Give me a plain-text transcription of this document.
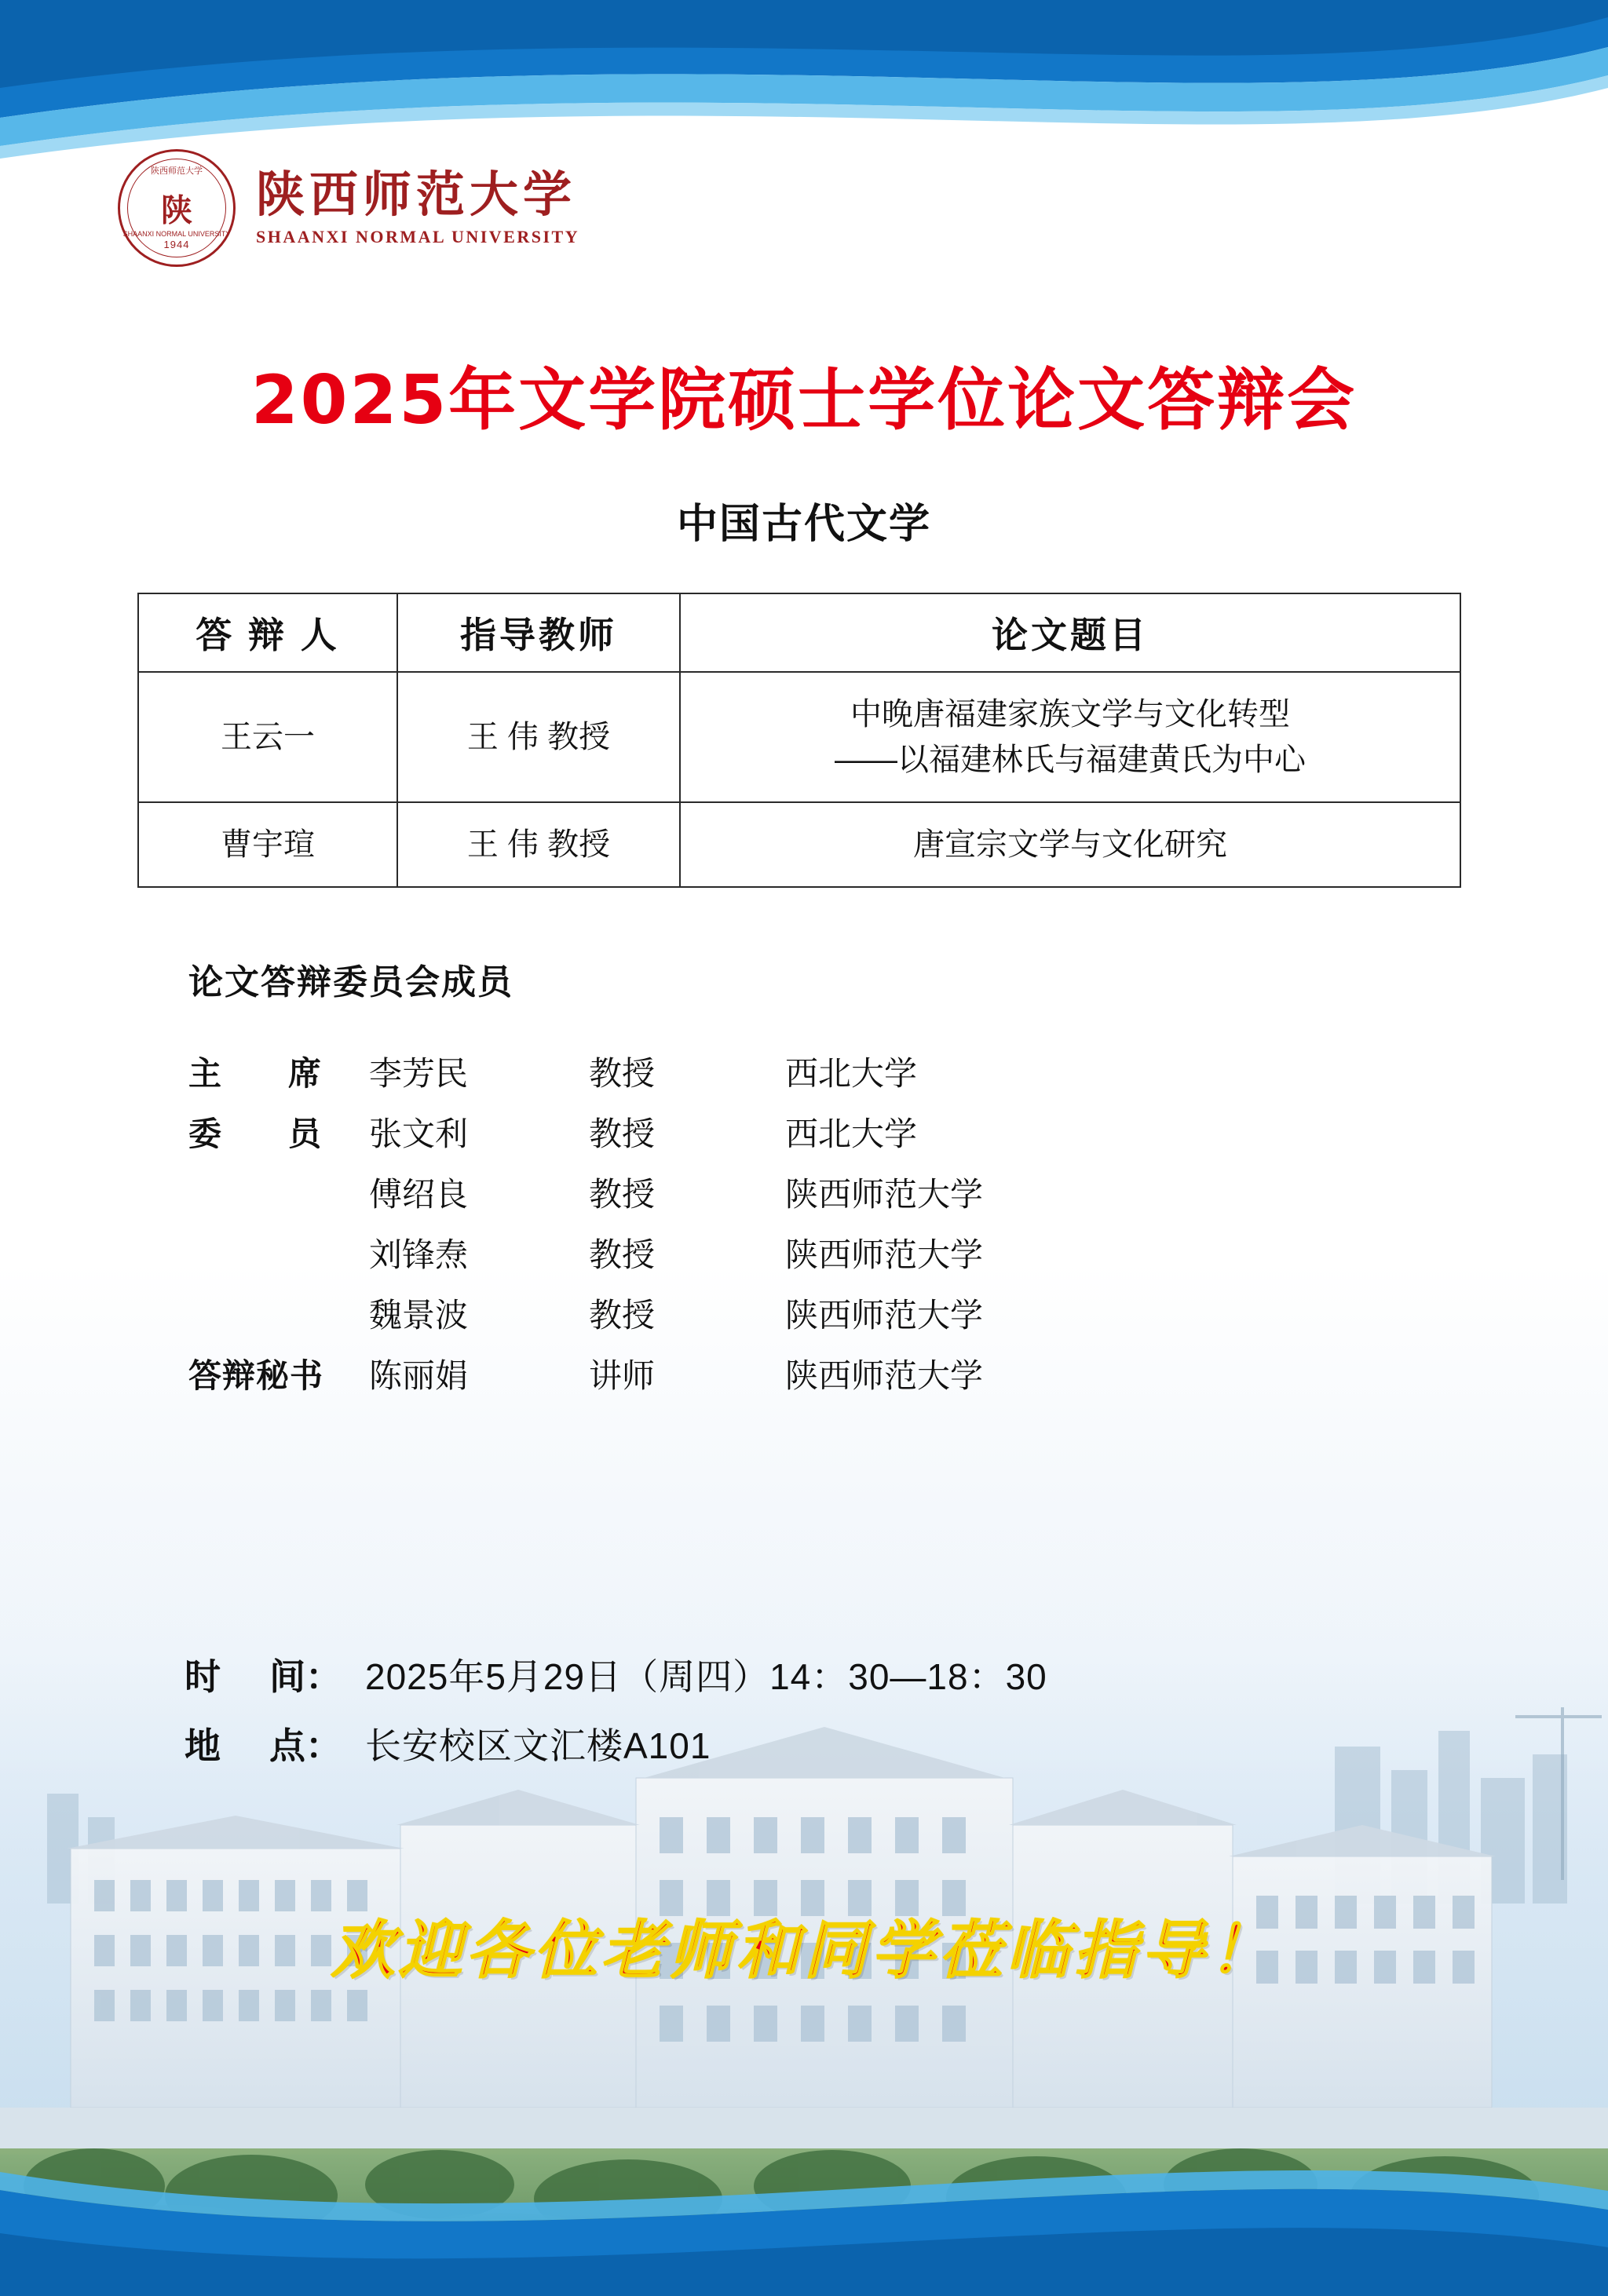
陕西师范大学
陕
1944
SHAANXI NORMAL UNIVERSITY
陕西师范大学
SHAANXI NORMAL UNIVERSITY
2025年文学院硕士学位论文答辩会
中国古代文学
答 辩 人	指导教师	论文题目
王云一	王 伟 教授	中晚唐福建家族文学与文化转型
——以福建林氏与福建黄氏为中心

曹宇瑄	王 伟 教授	唐宣宗文学与文化研究
论文答辩委员会成员
主 席 李芳民	教授	西北大学
委 员 张文利	教授	西北大学
傅绍良	教授	陕西师范大学
刘锋焘	教授	陕西师范大学
魏景波	教授	陕西师范大学
答辩秘书	陈丽娟	讲师	陕西师范大学
时 间： 2025年5月29日（周四）14：30—18：30
地 点： 长安校区文汇楼A101
欢迎各位老师和同学莅临指导！
